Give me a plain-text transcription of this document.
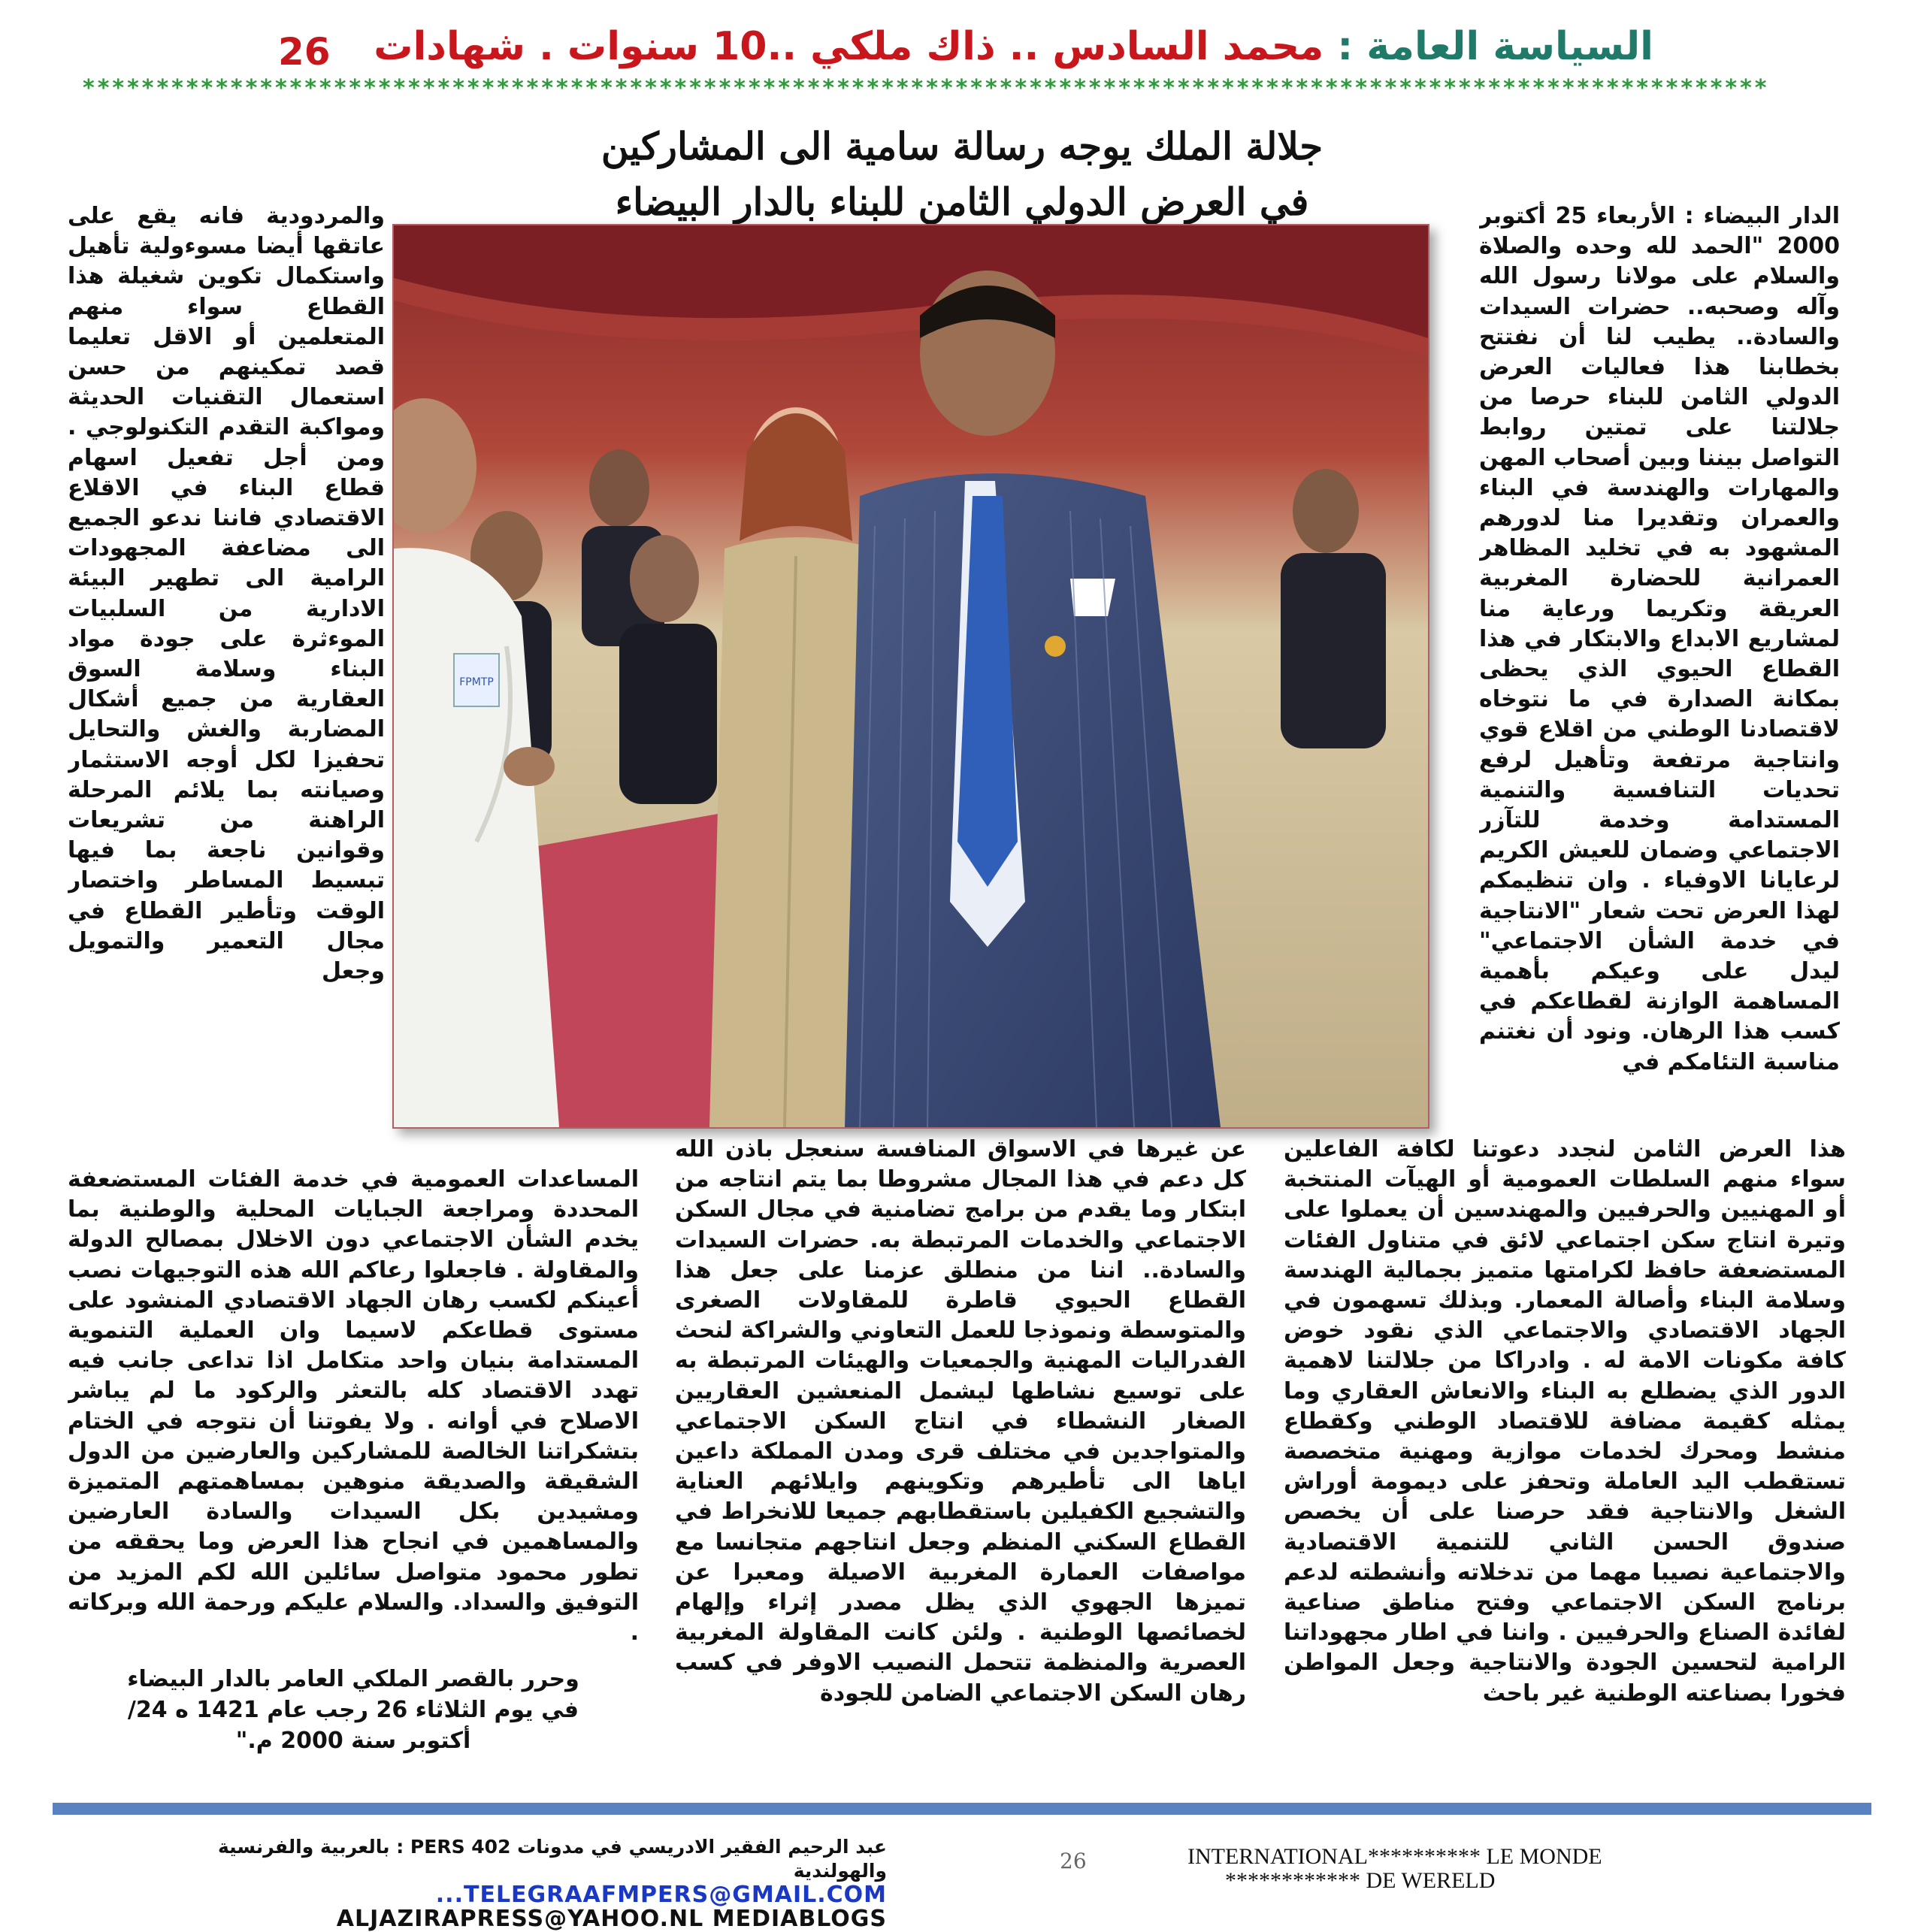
26	السياسة العامة : محمد السادس .. ذاك ملكي ..10 سنوات . شهادات
******************************************************************************************************************
جلالة الملك يوجه رسالة سامية الى المشاركين
في العرض الدولي الثامن للبناء بالدار البيضاء	الدار البيضاء : الأربعاء 25 أكتوبر 2000 "الحمد لله وحده والصلاة والسلام على مولانا رسول الله وآله وصحبه.. حضرات السيدات والسادة.. يطيب لنا أن نفتتح بخطابنا هذا فعاليات العرض الدولي الثامن للبناء حرصا من جلالتنا على تمتين روابط التواصل بيننا وبين أصحاب المهن والمهارات والهندسة في البناء والعمران وتقديرا منا لدورهم المشهود به في تخليد المظاهر العمرانية للحضارة المغربية العريقة وتكريما ورعاية منا لمشاريع الابداع والابتكار في هذا القطاع الحيوي الذي يحظى بمكانة الصدارة في ما نتوخاه لاقتصادنا الوطني من اقلاع قوي وانتاجية مرتفعة وتأهيل لرفع تحديات التنافسية والتنمية المستدامة وخدمة للتآزر الاجتماعي وضمان للعيش الكريم لرعايانا الاوفياء . وان تنظيمكم لهذا العرض تحت شعار "الانتاجية في خدمة الشأن الاجتماعي" ليدل على وعيكم بأهمية المساهمة الوازنة لقطاعكم في كسب هذا الرهان. ونود أن نغتنم مناسبة التئامكم في
والمردودية فانه يقع على عاتقها أيضا مسوءولية تأهيل واستكمال تكوين شغيلة هذا القطاع سواء منهم المتعلمين أو الاقل تعليما قصد تمكينهم من حسن استعمال التقنيات الحديثة ومواكبة التقدم التكنولوجي . ومن أجل تفعيل اسهام قطاع البناء في الاقلاع الاقتصادي فاننا ندعو الجميع الى مضاعفة المجهودات الرامية الى تطهير البيئة الادارية من السلبيات الموءثرة على جودة مواد البناء وسلامة السوق العقارية من جميع أشكال المضاربة والغش والتحايل تحفيزا لكل أوجه الاستثمار وصيانته بما يلائم المرحلة الراهنة من تشريعات وقوانين ناجعة بما فيها تبسيط المساطر واختصار الوقت وتأطير القطاع في مجال التعمير والتمويل وجعل
هذا العرض الثامن لنجدد دعوتنا لكافة الفاعلين سواء منهم السلطات العمومية أو الهيآت المنتخبة أو المهنيين والحرفيين والمهندسين أن يعملوا على وتيرة انتاج سكن اجتماعي لائق في متناول الفئات المستضعفة حافظ لكرامتها متميز بجمالية الهندسة وسلامة البناء وأصالة المعمار. وبذلك تسهمون في الجهاد الاقتصادي والاجتماعي الذي نقود خوض كافة مكونات الامة له . وادراكا من جلالتنا لاهمية الدور الذي يضطلع به البناء والانعاش العقاري وما يمثله كقيمة مضافة للاقتصاد الوطني وكقطاع منشط ومحرك لخدمات موازية ومهنية متخصصة تستقطب اليد العاملة وتحفز على ديمومة أوراش الشغل والانتاجية فقد حرصنا على أن يخصص صندوق الحسن الثاني للتنمية الاقتصادية والاجتماعية نصيبا مهما من تدخلاته وأنشطته لدعم برنامج السكن الاجتماعي وفتح مناطق صناعية لفائدة الصناع والحرفيين . واننا في اطار مجهوداتنا الرامية لتحسين الجودة والانتاجية وجعل المواطن فخورا بصناعته الوطنية غير باحث
عن غيرها في الاسواق المنافسة سنعجل باذن الله كل دعم في هذا المجال مشروطا بما يتم انتاجه من ابتكار وما يقدم من برامج تضامنية في مجال السكن الاجتماعي والخدمات المرتبطة به. حضرات السيدات والسادة.. اننا من منطلق عزمنا على جعل هذا القطاع الحيوي قاطرة للمقاولات الصغرى والمتوسطة ونموذجا للعمل التعاوني والشراكة لنحث الفدراليات المهنية والجمعيات والهيئات المرتبطة به على توسيع نشاطها ليشمل المنعشين العقاريين الصغار النشطاء في انتاج السكن الاجتماعي والمتواجدين في مختلف قرى ومدن المملكة داعين اياها الى تأطيرهم وتكوينهم وايلائهم العناية والتشجيع الكفيلين باستقطابهم جميعا للانخراط في القطاع السكني المنظم وجعل انتاجهم متجانسا مع مواصفات العمارة المغربية الاصيلة ومعبرا عن تميزها الجهوي الذي يظل مصدر إثراء وإلهام لخصائصها الوطنية . ولئن كانت المقاولة المغربية العصرية والمنظمة تتحمل النصيب الاوفر في كسب رهان السكن الاجتماعي الضامن للجودة
المساعدات العمومية في خدمة الفئات المستضعفة المحددة ومراجعة الجبايات المحلية والوطنية بما يخدم الشأن الاجتماعي دون الاخلال بمصالح الدولة والمقاولة . فاجعلوا رعاكم الله هذه التوجيهات نصب أعينكم لكسب رهان الجهاد الاقتصادي المنشود على مستوى قطاعكم لاسيما وان العملية التنموية المستدامة بنيان واحد متكامل اذا تداعى جانب فيه تهدد الاقتصاد كله بالتعثر والركود ما لم يباشر الاصلاح في أوانه . ولا يفوتنا أن نتوجه في الختام بتشكراتنا الخالصة للمشاركين والعارضين من الدول الشقيقة والصديقة منوهين بمساهمتهم المتميزة ومشيدين بكل السيدات والسادة العارضين والمساهمين في انجاح هذا العرض وما يحققه من تطور محمود متواصل سائلين الله لكم المزيد من التوفيق والسداد. والسلام عليكم ورحمة الله وبركاته .
وحرر بالقصر الملكي العامر بالدار البيضاء
في يوم الثلاثاء 26 رجب عام 1421 ه 24/
أكتوبر سنة 2000 م."
FPMTP
عبد الرحيم الفقير الادريسي في مدونات PERS 402 : بالعربية والفرنسية والهولندية
TELEGRAAFMPERS@GMAIL.COM...
ALJAZIRAPRESS@YAHOO.NL MEDIABLOGS
26	INTERNATIONAL********** LE MONDE
************ DE WERELD
